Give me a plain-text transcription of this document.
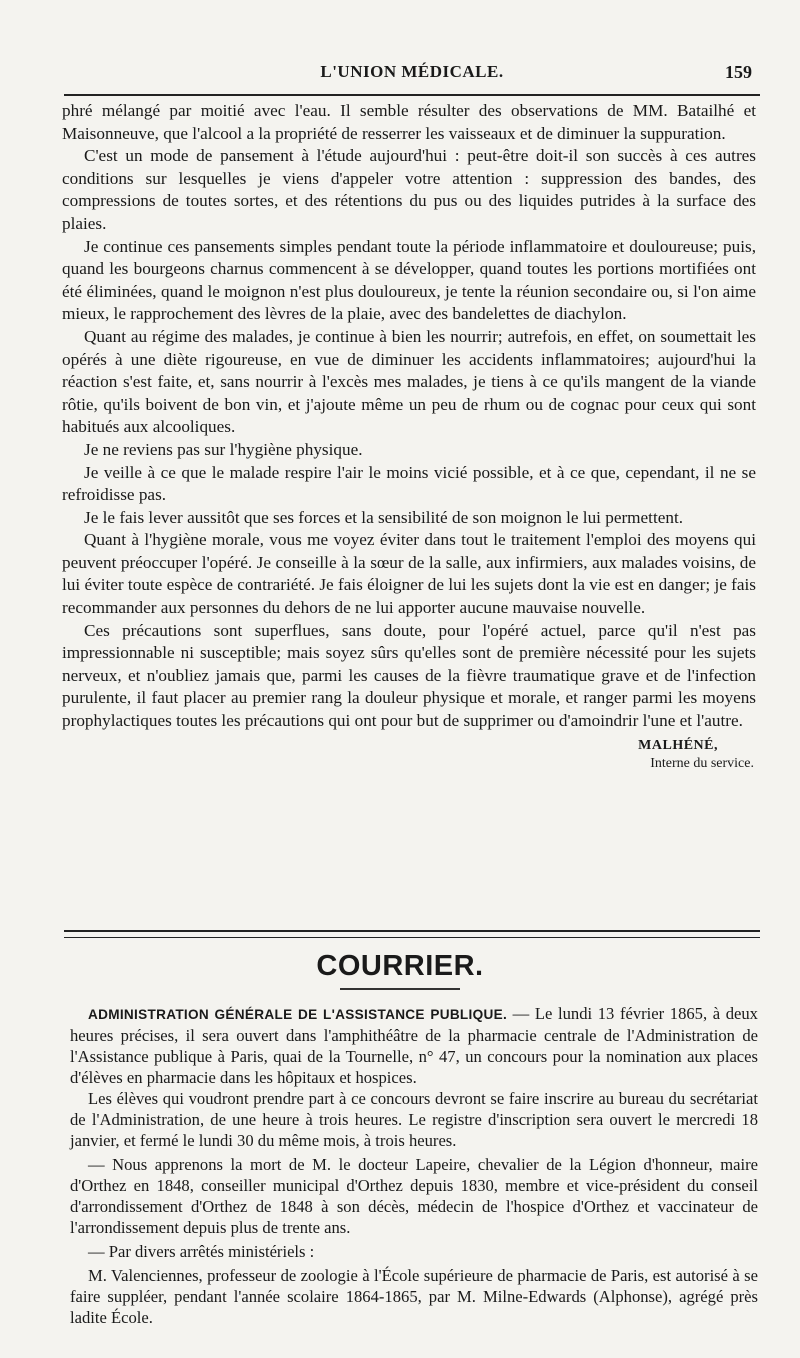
L'UNION MÉDICALE.	159

phré mélangé par moitié avec l'eau. Il semble résulter des observations de MM. Batailhé et Maisonneuve, que l'alcool a la propriété de resserrer les vaisseaux et de diminuer la suppuration.

C'est un mode de pansement à l'étude aujourd'hui : peut-être doit-il son succès à ces autres conditions sur lesquelles je viens d'appeler votre attention : suppression des bandes, des compressions de toutes sortes, et des rétentions du pus ou des liquides putrides à la surface des plaies.

Je continue ces pansements simples pendant toute la période inflammatoire et douloureuse; puis, quand les bourgeons charnus commencent à se développer, quand toutes les portions mortifiées ont été éliminées, quand le moignon n'est plus douloureux, je tente la réunion secondaire ou, si l'on aime mieux, le rapprochement des lèvres de la plaie, avec des bandelettes de diachylon.

Quant au régime des malades, je continue à bien les nourrir; autrefois, en effet, on soumettait les opérés à une diète rigoureuse, en vue de diminuer les accidents inflammatoires; aujourd'hui la réaction s'est faite, et, sans nourrir à l'excès mes malades, je tiens à ce qu'ils mangent de la viande rôtie, qu'ils boivent de bon vin, et j'ajoute même un peu de rhum ou de cognac pour ceux qui sont habitués aux alcooliques.

Je ne reviens pas sur l'hygiène physique.

Je veille à ce que le malade respire l'air le moins vicié possible, et à ce que, cependant, il ne se refroidisse pas.

Je le fais lever aussitôt que ses forces et la sensibilité de son moignon le lui permettent.

Quant à l'hygiène morale, vous me voyez éviter dans tout le traitement l'emploi des moyens qui peuvent préoccuper l'opéré. Je conseille à la sœur de la salle, aux infirmiers, aux malades voisins, de lui éviter toute espèce de contrariété. Je fais éloigner de lui les sujets dont la vie est en danger; je fais recommander aux personnes du dehors de ne lui apporter aucune mauvaise nouvelle.

Ces précautions sont superflues, sans doute, pour l'opéré actuel, parce qu'il n'est pas impressionnable ni susceptible; mais soyez sûrs qu'elles sont de première nécessité pour les sujets nerveux, et n'oubliez jamais que, parmi les causes de la fièvre traumatique grave et de l'infection purulente, il faut placer au premier rang la douleur physique et morale, et ranger parmi les moyens prophylactiques toutes les précautions qui ont pour but de supprimer ou d'amoindrir l'une et l'autre.

MALHÉNÉ,
Interne du service.
COURRIER.

ADMINISTRATION GÉNÉRALE DE L'ASSISTANCE PUBLIQUE. — Le lundi 13 février 1865, à deux heures précises, il sera ouvert dans l'amphithéâtre de la pharmacie centrale de l'Administration de l'Assistance publique à Paris, quai de la Tournelle, n° 47, un concours pour la nomination aux places d'élèves en pharmacie dans les hôpitaux et hospices.

Les élèves qui voudront prendre part à ce concours devront se faire inscrire au bureau du secrétariat de l'Administration, de une heure à trois heures. Le registre d'inscription sera ouvert le mercredi 18 janvier, et fermé le lundi 30 du même mois, à trois heures.

— Nous apprenons la mort de M. le docteur Lapeire, chevalier de la Légion d'honneur, maire d'Orthez en 1848, conseiller municipal d'Orthez depuis 1830, membre et vice-président du conseil d'arrondissement d'Orthez de 1848 à son décès, médecin de l'hospice d'Orthez et vaccinateur de l'arrondissement depuis plus de trente ans.

— Par divers arrêtés ministériels :

M. Valenciennes, professeur de zoologie à l'École supérieure de pharmacie de Paris, est autorisé à se faire suppléer, pendant l'année scolaire 1864-1865, par M. Milne-Edwards (Alphonse), agrégé près ladite École.
